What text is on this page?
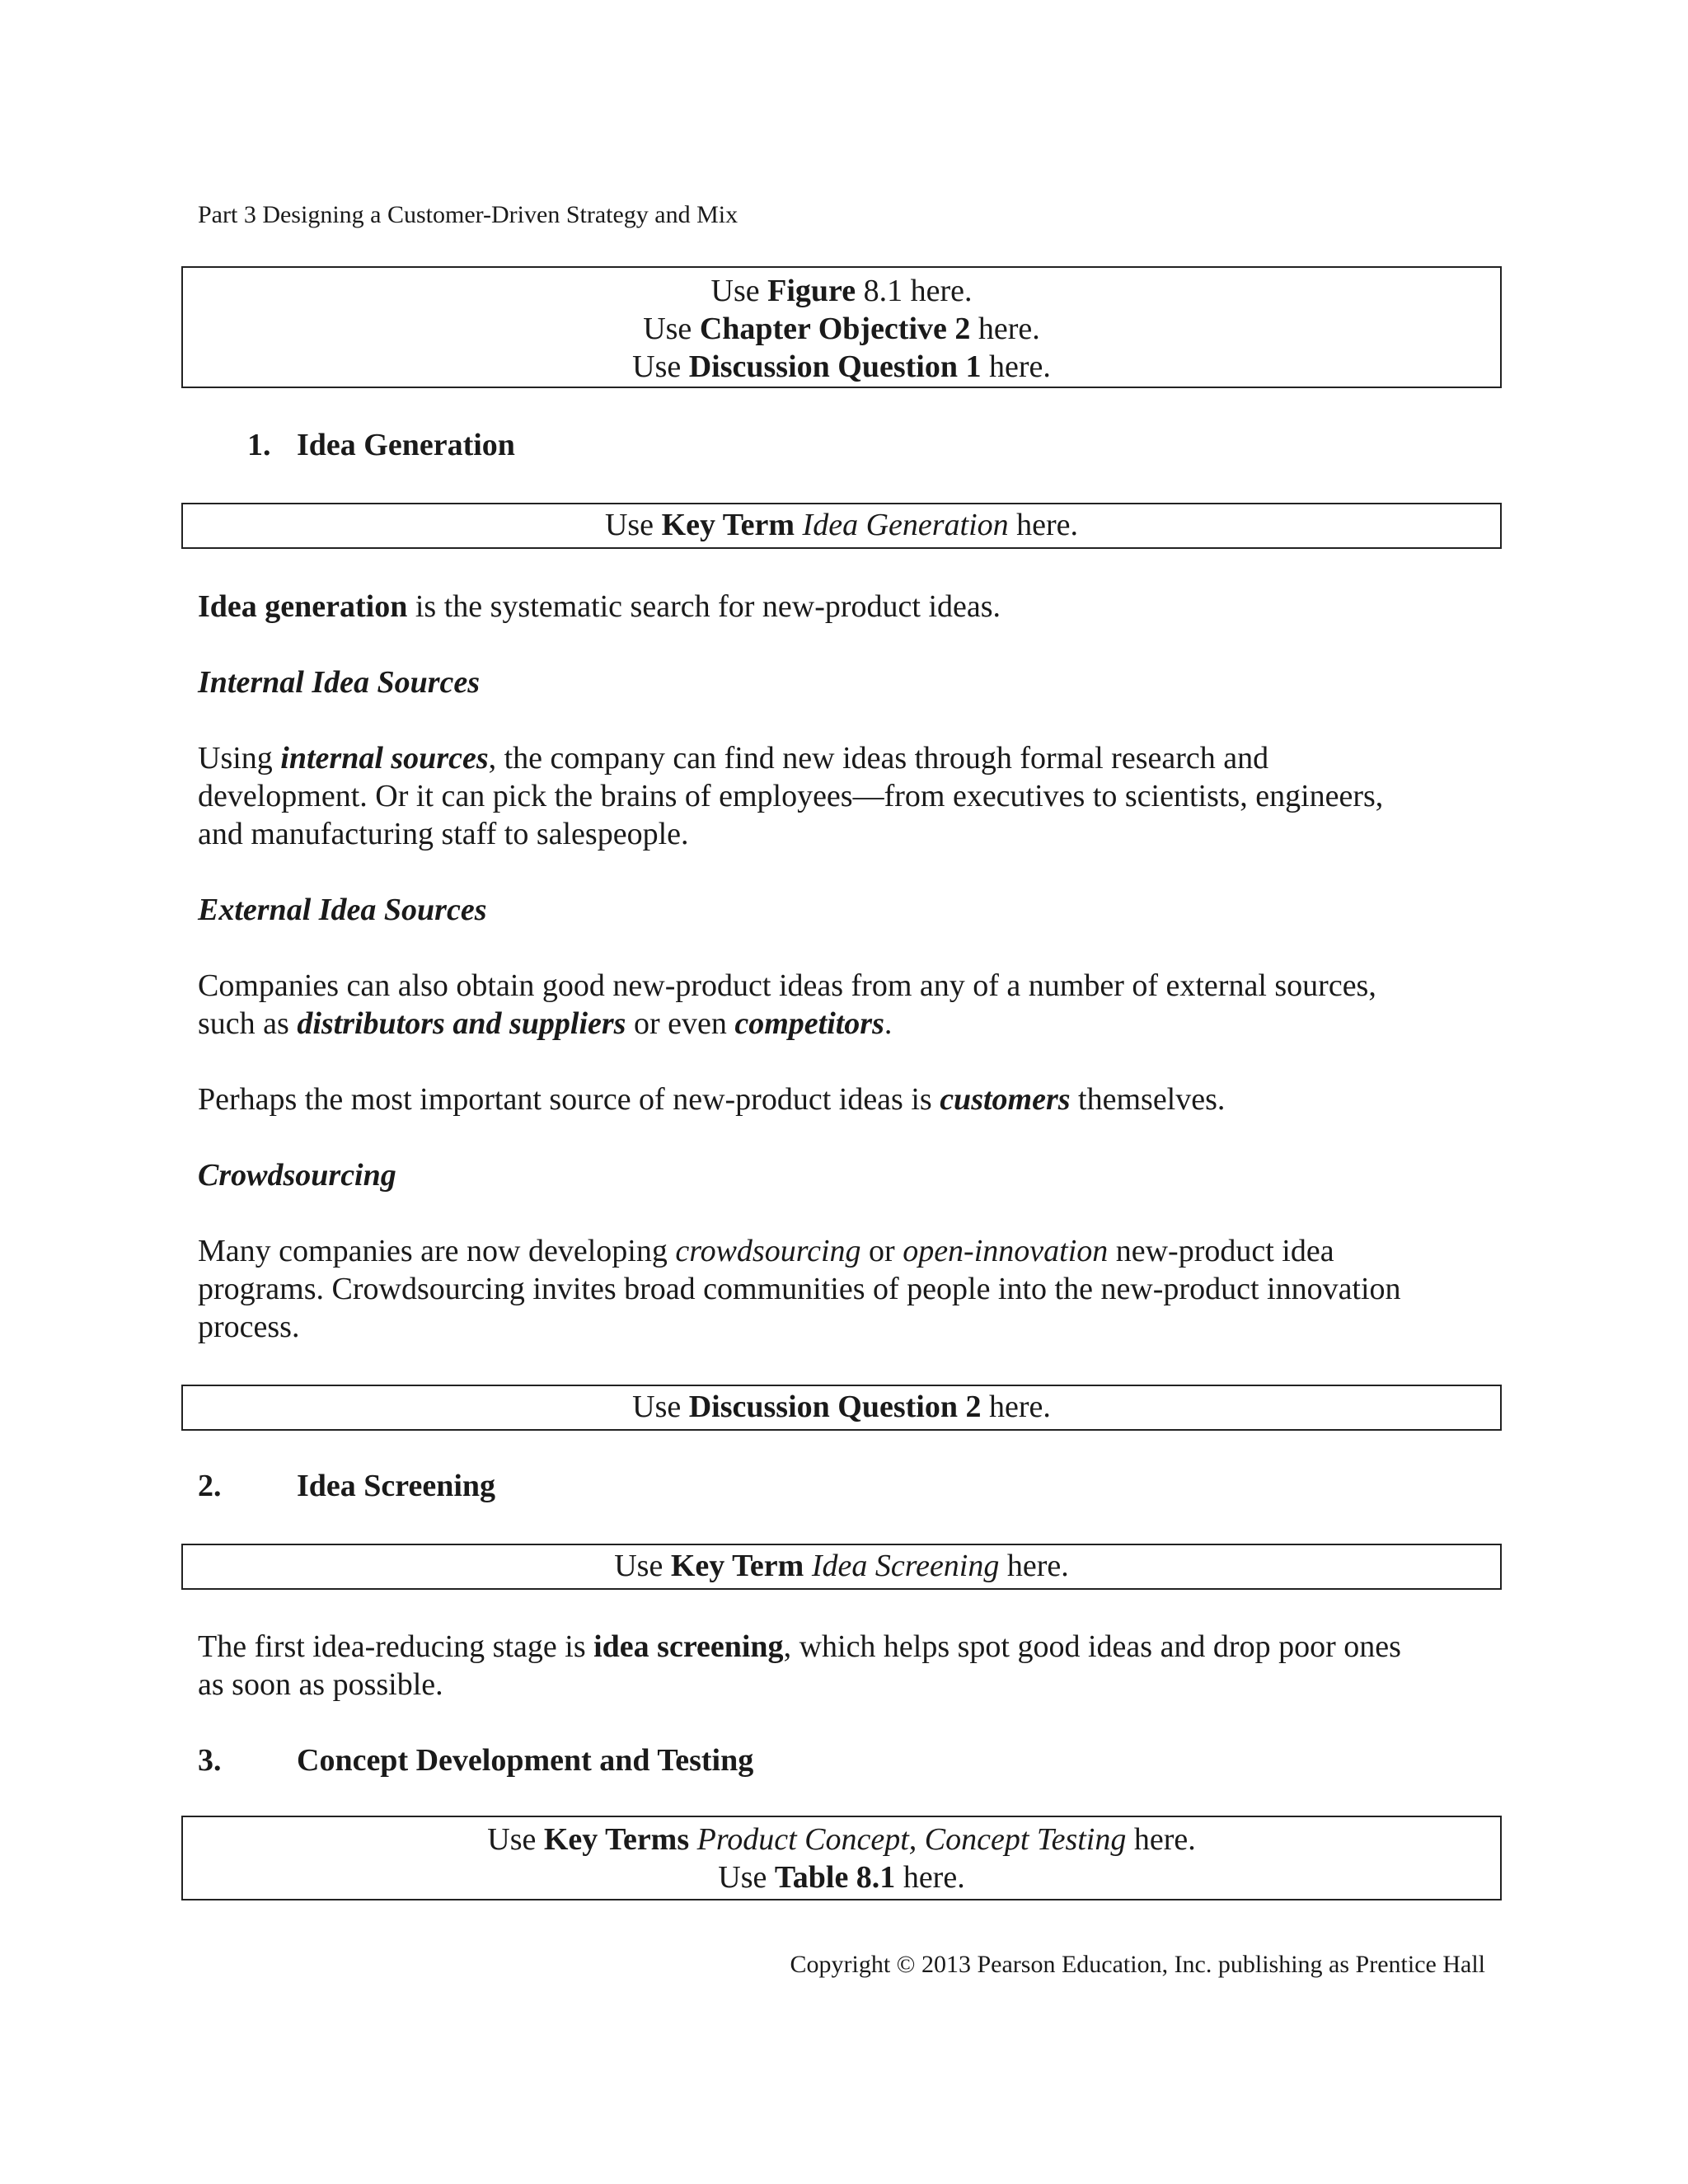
Part 3 Designing a Customer-Driven Strategy and Mix
Use Figure 8.1 here.
Use Chapter Objective 2 here.
Use Discussion Question 1 here.
1. Idea Generation
Use Key Term Idea Generation here.
Idea generation is the systematic search for new-product ideas.
Internal Idea Sources
Using internal sources, the company can find new ideas through formal research and
development. Or it can pick the brains of employees—from executives to scientists, engineers,
and manufacturing staff to salespeople.
External Idea Sources
Companies can also obtain good new-product ideas from any of a number of external sources,
such as distributors and suppliers or even competitors.
Perhaps the most important source of new-product ideas is customers themselves.
Crowdsourcing
Many companies are now developing crowdsourcing or open-innovation new-product idea
programs. Crowdsourcing invites broad communities of people into the new-product innovation
process.
Use Discussion Question 2 here.
2. Idea Screening
Use Key Term Idea Screening here.
The first idea-reducing stage is idea screening, which helps spot good ideas and drop poor ones
as soon as possible.
3. Concept Development and Testing
Use Key Terms Product Concept, Concept Testing here.
Use Table 8.1 here.
Copyright © 2013 Pearson Education, Inc. publishing as Prentice Hall
